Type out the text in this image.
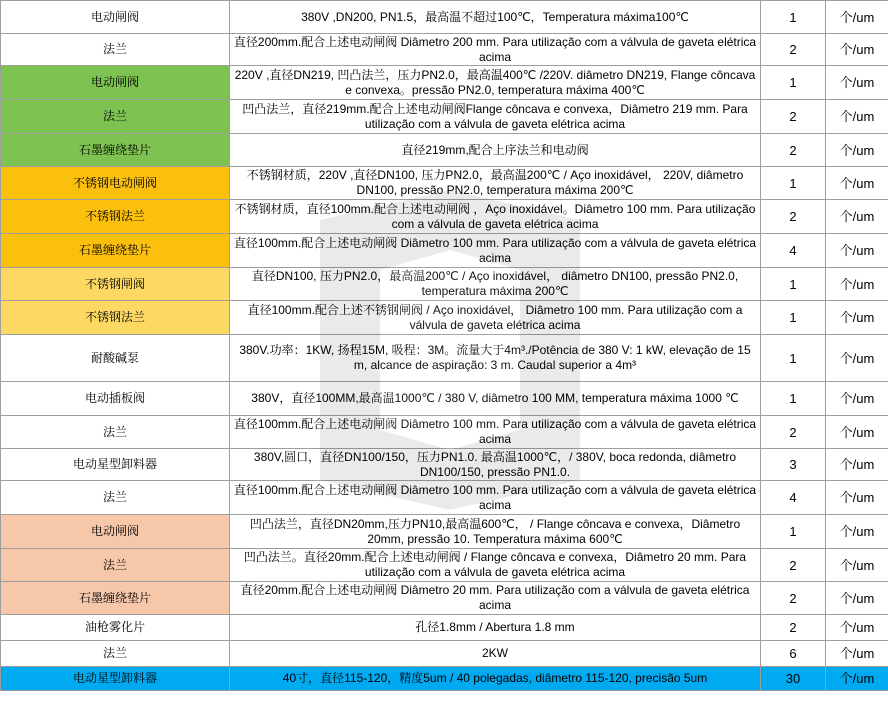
电动闸阀	380V ,DN200, PN1.5，最高温不超过100℃，Temperatura máxima100℃	1	个/um
法兰	直径200mm.配合上述电动闸阀 Diâmetro 200 mm. Para utilização com a válvula de gaveta elétrica acima	2	个/um
电动闸阀	220V ,直径DN219, 凹凸法兰，压力PN2.0，最高温400℃ /220V. diâmetro DN219, Flange côncava e convexa。pressão PN2.0, temperatura máxima 400℃	1	个/um
法兰	凹凸法兰，直径219mm.配合上述电动闸阀Flange côncava e convexa，Diâmetro 219 mm. Para utilização com a válvula de gaveta elétrica acima	2	个/um
石墨缠绕垫片	直径219mm,配合上序法兰和电动阀	2	个/um
不锈钢电动闸阀	不锈钢材质，220V ,直径DN100, 压力PN2.0，最高温200℃ / Aço inoxidável， 220V, diâmetro DN100, pressão PN2.0, temperatura máxima 200℃	1	个/um
不锈钢法兰	不锈钢材质，直径100mm.配合上述电动闸阀 ，Aço inoxidável。Diâmetro 100 mm. Para utilização com a válvula de gaveta elétrica acima	2	个/um
石墨缠绕垫片	直径100mm.配合上述电动闸阀 Diâmetro 100 mm. Para utilização com a válvula de gaveta elétrica acima	4	个/um
不锈钢闸阀	直径DN100, 压力PN2.0，最高温200℃ / Aço inoxidável， diâmetro DN100, pressão PN2.0, temperatura máxima 200℃	1	个/um
不锈钢法兰	直径100mm.配合上述不锈钢闸阀 / Aço inoxidável， Diâmetro 100 mm. Para utilização com a válvula de gaveta elétrica acima	1	个/um
耐酸碱泵	380V.功率：1KW, 扬程15M, 吸程：3M。流量大于4m³./Potência de 380 V: 1 kW, elevação de 15 m, alcance de aspiração: 3 m. Caudal superior a 4m³	1	个/um
电动插板阀	380V，直径100MM,最高温1000℃ / 380 V, diâmetro 100 MM, temperatura máxima 1000 ℃	1	个/um
法兰	直径100mm.配合上述电动闸阀 Diâmetro 100 mm. Para utilização com a válvula de gaveta elétrica acima	2	个/um
电动星型卸料器	380V,圆口，直径DN100/150，压力PN1.0. 最高温1000℃，/ 380V, boca redonda, diâmetro DN100/150, pressão PN1.0.	3	个/um
法兰	直径100mm.配合上述电动闸阀 Diâmetro 100 mm. Para utilização com a válvula de gaveta elétrica acima	4	个/um
电动闸阀	凹凸法兰，直径DN20mm,压力PN10,最高温600℃， / Flange côncava e convexa，Diâmetro 20mm, pressão 10. Temperatura máxima 600℃	1	个/um
法兰	凹凸法兰。直径20mm.配合上述电动闸阀 / Flange côncava e convexa，Diâmetro 20 mm. Para utilização com a válvula de gaveta elétrica acima	2	个/um
石墨缠绕垫片	直径20mm.配合上述电动闸阀 Diâmetro 20 mm. Para utilização com a válvula de gaveta elétrica acima	2	个/um
油枪雾化片	孔径1.8mm / Abertura 1.8 mm	2	个/um
法兰	2KW	6	个/um
电动星型卸料器	40寸，直径115-120，精度5um / 40 polegadas, diâmetro 115-120, precisão 5um	30	个/um
